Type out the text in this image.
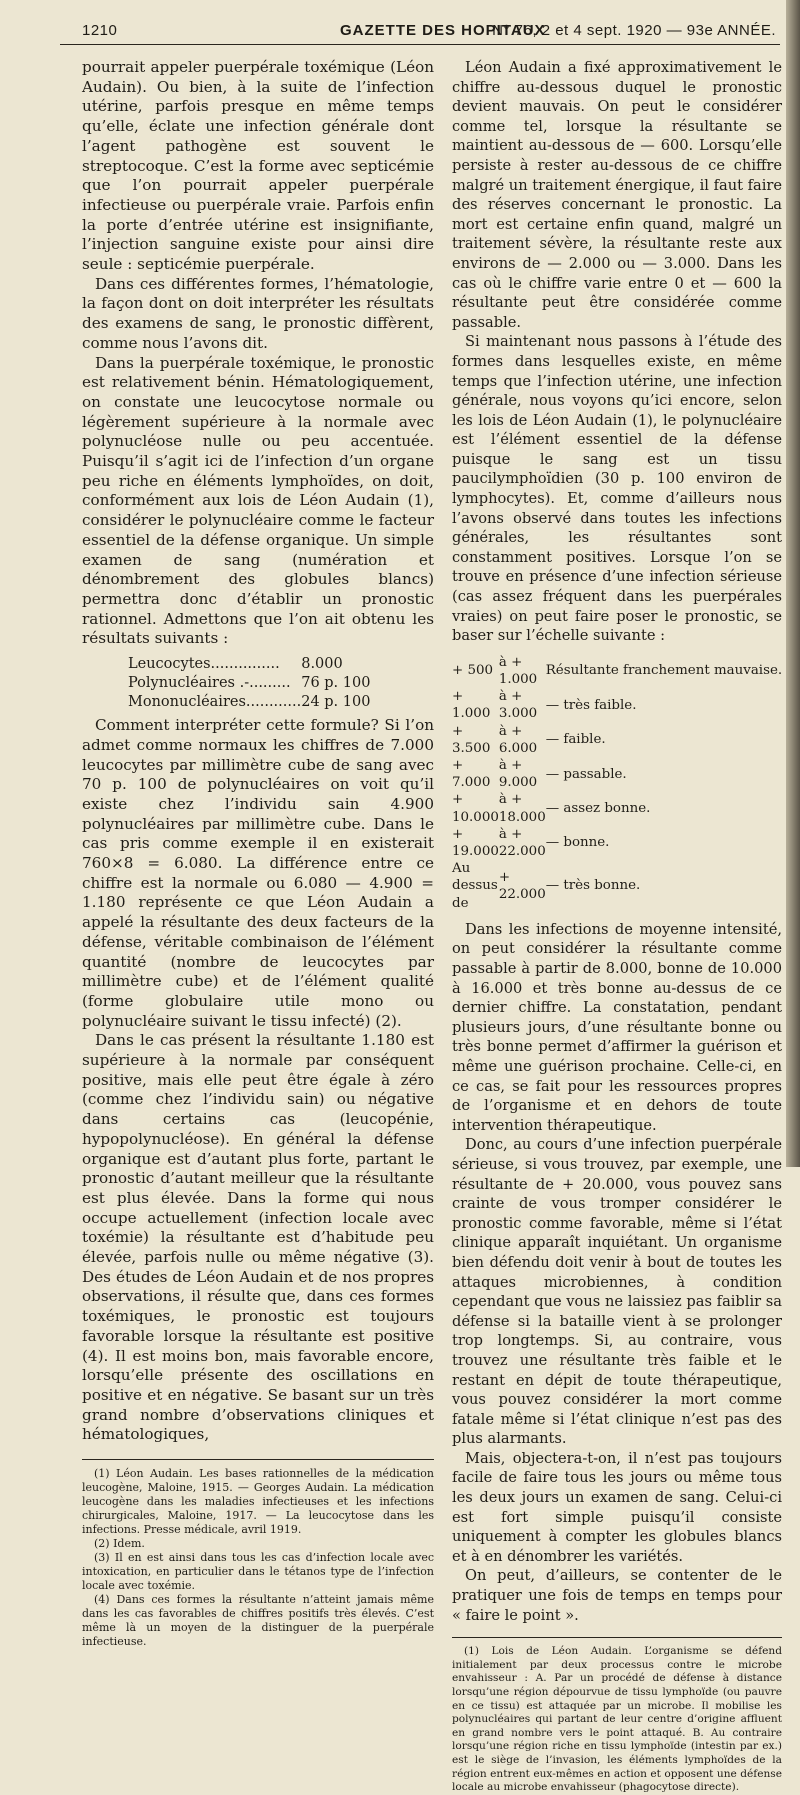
1210	GAZETTE DES HOPITAUX
N° 76, 2 et 4 sept. 1920 — 93e ANNÉE.

pourrait appeler puerpérale toxémique (Léon Audain). Ou bien, à la suite de l’infection utérine, parfois presque en même temps qu’elle, éclate une infection générale dont l’agent pathogène est souvent le streptocoque. C’est la forme avec septicémie que l’on pourrait appeler puerpérale infectieuse ou puerpérale vraie. Parfois enfin la porte d’entrée utérine est insignifiante, l’injection sanguine existe pour ainsi dire seule : septicémie puerpérale.

Dans ces différentes formes, l’hématologie, la façon dont on doit interpréter les résultats des examens de sang, le pronostic diffèrent, comme nous l’avons dit.

Dans la puerpérale toxémique, le pronostic est relativement bénin. Hématologiquement, on constate une leucocytose normale ou légèrement supérieure à la normale avec polynucléose nulle ou peu accentuée. Puisqu’il s’agit ici de l’infection d’un organe peu riche en éléments lymphoïdes, on doit, conformément aux lois de Léon Audain (1), considérer le polynucléaire comme le facteur essentiel de la défense organique. Un simple examen de sang (numération et dénombrement des globules blancs) permettra donc d’établir un pronostic rationnel. Admettons que l’on ait obtenu les résultats suivants :

Leucocytes...............	8.000
Polynucléaires .-.........	76 p. 100
Mononucléaires............	24 p. 100

Comment interpréter cette formule? Si l’on admet comme normaux les chiffres de 7.000 leucocytes par millimètre cube de sang avec 70 p. 100 de polynucléaires on voit qu’il existe chez l’individu sain 4.900 polynucléaires par millimètre cube. Dans le cas pris comme exemple il en existerait 760×8 = 6.080. La différence entre ce chiffre est la normale ou 6.080 — 4.900 = 1.180 représente ce que Léon Audain a appelé la résultante des deux facteurs de la défense, véritable combinaison de l’élément quantité (nombre de leucocytes par millimètre cube) et de l’élément qualité (forme globulaire utile mono ou polynucléaire suivant le tissu infecté) (2).

Dans le cas présent la résultante 1.180 est supérieure à la normale par conséquent positive, mais elle peut être égale à zéro (comme chez l’individu sain) ou négative dans certains cas (leucopénie, hypopolynucléose). En général la défense organique est d’autant plus forte, partant le pronostic d’autant meilleur que la résultante est plus élevée. Dans la forme qui nous occupe actuellement (infection locale avec toxémie) la résultante est d’habitude peu élevée, parfois nulle ou même négative (3). Des études de Léon Audain et de nos propres observations, il résulte que, dans ces formes toxémiques, le pronostic est toujours favorable lorsque la résultante est positive (4). Il est moins bon, mais favorable encore, lorsqu’elle présente des oscillations en positive et en négative. Se basant sur un très grand nombre d’observations cliniques et hématologiques,

(1) Léon Audain. Les bases rationnelles de la médication leucogène, Maloine, 1915. — Georges Audain. La médication leucogène dans les maladies infectieuses et les infections chirurgicales, Maloine, 1917. — La leucocytose dans les infections. Presse médicale, avril 1919.

(2) Idem.

(3) Il en est ainsi dans tous les cas d’infection locale avec intoxication, en particulier dans le tétanos type de l’infection locale avec toxémie.

(4) Dans ces formes la résultante n’atteint jamais même dans les cas favorables de chiffres positifs très élevés. C’est même là un moyen de la distinguer de la puerpérale infectieuse.

Léon Audain a fixé approximativement le chiffre au-dessous duquel le pronostic devient mauvais. On peut le considérer comme tel, lorsque la résultante se maintient au-dessous de — 600. Lorsqu’elle persiste à rester au-dessous de ce chiffre malgré un traitement énergique, il faut faire des réserves concernant le pronostic. La mort est certaine enfin quand, malgré un traitement sévère, la résultante reste aux environs de — 2.000 ou — 3.000. Dans les cas où le chiffre varie entre 0 et — 600 la résultante peut être considérée comme passable.

Si maintenant nous passons à l’étude des formes dans lesquelles existe, en même temps que l’infection utérine, une infection générale, nous voyons qu’ici encore, selon les lois de Léon Audain (1), le polynucléaire est l’élément essentiel de la défense puisque le sang est un tissu paucilymphoïdien (30 p. 100 environ de lymphocytes). Et, comme d’ailleurs nous l’avons observé dans toutes les infections générales, les résultantes sont constamment positives. Lorsque l’on se trouve en présence d’une infection sérieuse (cas assez fréquent dans les puerpérales vraies) on peut faire poser le pronostic, se baser sur l’échelle suivante :

+ 500	à + 1.000	Résultante franchement mauvaise.
+ 1.000	à + 3.000	— très faible.
+ 3.500	à + 6.000	— faible.
+ 7.000	à + 9.000	— passable.
+ 10.000	à + 18.000	— assez bonne.
+ 19.000	à + 22.000	— bonne.
Au dessus de	+ 22.000	— très bonne.

Dans les infections de moyenne intensité, on peut considérer la résultante comme passable à partir de 8.000, bonne de 10.000 à 16.000 et très bonne au-dessus de ce dernier chiffre. La constatation, pendant plusieurs jours, d’une résultante bonne ou très bonne permet d’affirmer la guérison et même une guérison prochaine. Celle-ci, en ce cas, se fait pour les ressources propres de l’organisme et en dehors de toute intervention thérapeutique.

Donc, au cours d’une infection puerpérale sérieuse, si vous trouvez, par exemple, une résultante de + 20.000, vous pouvez sans crainte de vous tromper considérer le pronostic comme favorable, même si l’état clinique apparaît inquiétant. Un organisme bien défendu doit venir à bout de toutes les attaques microbiennes, à condition cependant que vous ne laissiez pas faiblir sa défense si la bataille vient à se prolonger trop longtemps. Si, au contraire, vous trouvez une résultante très faible et le restant en dépit de toute thérapeutique, vous pouvez considérer la mort comme fatale même si l’état clinique n’est pas des plus alarmants.

Mais, objectera-t-on, il n’est pas toujours facile de faire tous les jours ou même tous les deux jours un examen de sang. Celui-ci est fort simple puisqu’il consiste uniquement à compter les globules blancs et à en dénombrer les variétés.

On peut, d’ailleurs, se contenter de le pratiquer une fois de temps en temps pour « faire le point ».

(1) Lois de Léon Audain. L’organisme se défend initialement par deux processus contre le microbe envahisseur : A. Par un procédé de défense à distance lorsqu’une région dépourvue de tissu lymphoïde (ou pauvre en ce tissu) est attaquée par un microbe. Il mobilise les polynucléaires qui partant de leur centre d’origine affluent en grand nombre vers le point attaqué. B. Au contraire lorsqu’une région riche en tissu lymphoïde (intestin par ex.) est le siège de l’invasion, les éléments lymphoïdes de la région entrent eux-mêmes en action et opposent une défense locale au microbe envahisseur (phagocytose directe).
